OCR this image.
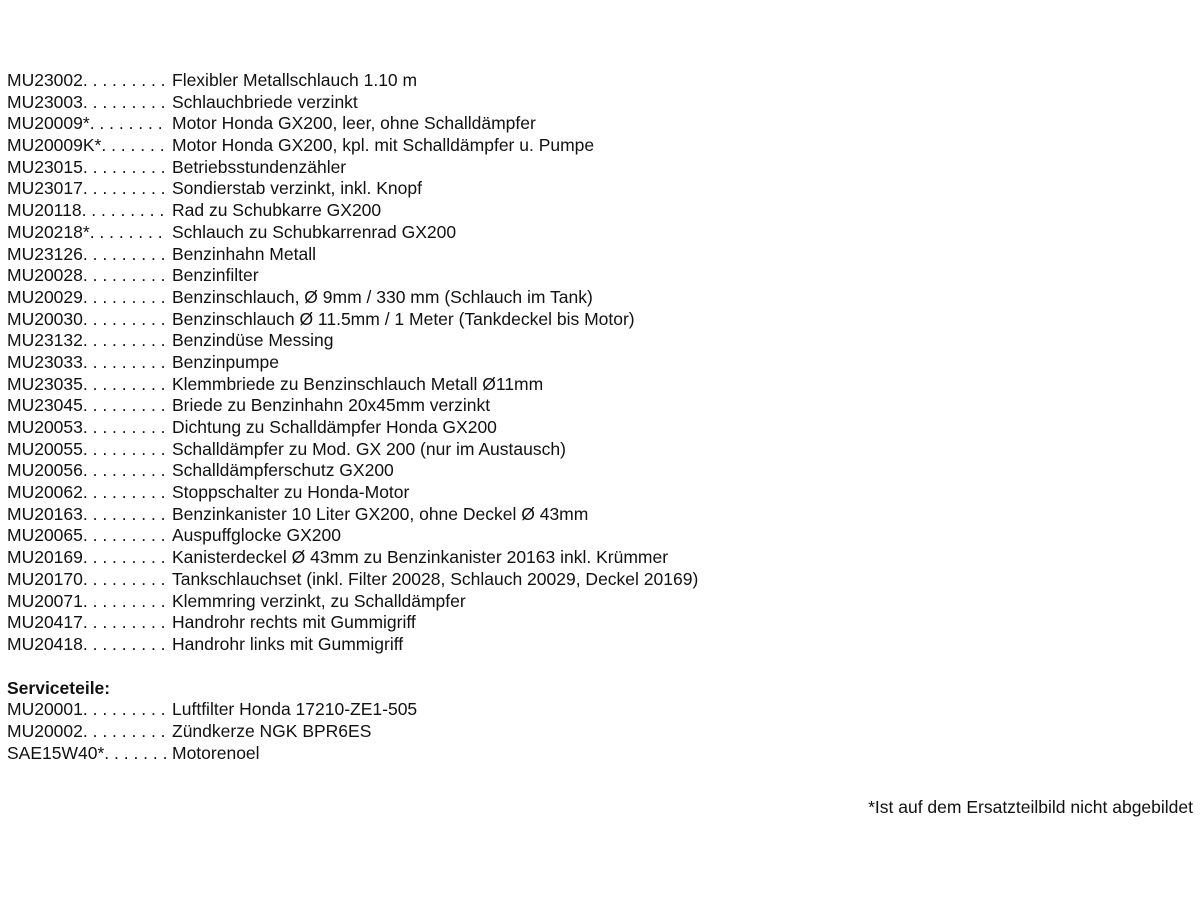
MU23002. . . . . . . . . Flexibler Metallschlauch 1.10 m
MU23003. . . . . . . . . Schlauchbriede verzinkt
MU20009*. . . . . . . . Motor Honda GX200, leer, ohne Schalldämpfer
MU20009K*. . . . . . . Motor Honda GX200, kpl. mit Schalldämpfer u. Pumpe
MU23015. . . . . . . . . Betriebsstundenzähler
MU23017. . . . . . . . . Sondierstab verzinkt, inkl. Knopf
MU20118. . . . . . . . . Rad zu Schubkarre GX200
MU20218*. . . . . . . . Schlauch zu Schubkarrenrad GX200
MU23126. . . . . . . . . Benzinhahn Metall
MU20028. . . . . . . . . Benzinfilter
MU20029. . . . . . . . . Benzinschlauch, Ø 9mm / 330 mm (Schlauch im Tank)
MU20030. . . . . . . . . Benzinschlauch Ø 11.5mm / 1 Meter (Tankdeckel bis Motor)
MU23132. . . . . . . . . Benzindüse Messing
MU23033. . . . . . . . . Benzinpumpe
MU23035. . . . . . . . . Klemmbriede zu Benzinschlauch Metall Ø11mm
MU23045. . . . . . . . . Briede zu Benzinhahn 20x45mm verzinkt
MU20053. . . . . . . . . Dichtung zu Schalldämpfer Honda GX200
MU20055. . . . . . . . . Schalldämpfer zu Mod. GX 200 (nur im Austausch)
MU20056. . . . . . . . . Schalldämpferschutz GX200
MU20062. . . . . . . . . Stoppschalter zu Honda-Motor
MU20163. . . . . . . . . Benzinkanister 10 Liter GX200, ohne Deckel Ø 43mm
MU20065. . . . . . . . . Auspuffglocke GX200
MU20169. . . . . . . . . Kanisterdeckel Ø 43mm zu Benzinkanister 20163 inkl. Krümmer
MU20170. . . . . . . . . Tankschlauchset (inkl. Filter 20028, Schlauch 20029, Deckel 20169)
MU20071. . . . . . . . . Klemmring verzinkt, zu Schalldämpfer
MU20417. . . . . . . . . Handrohr rechts mit Gummigriff
MU20418. . . . . . . . . Handrohr links mit Gummigriff
Serviceteile:
MU20001. . . . . . . . . Luftfilter Honda 17210-ZE1-505
MU20002. . . . . . . . . Zündkerze NGK BPR6ES
SAE15W40*. . . . . . . Motorenoel
*Ist auf dem Ersatzteilbild nicht abgebildet
